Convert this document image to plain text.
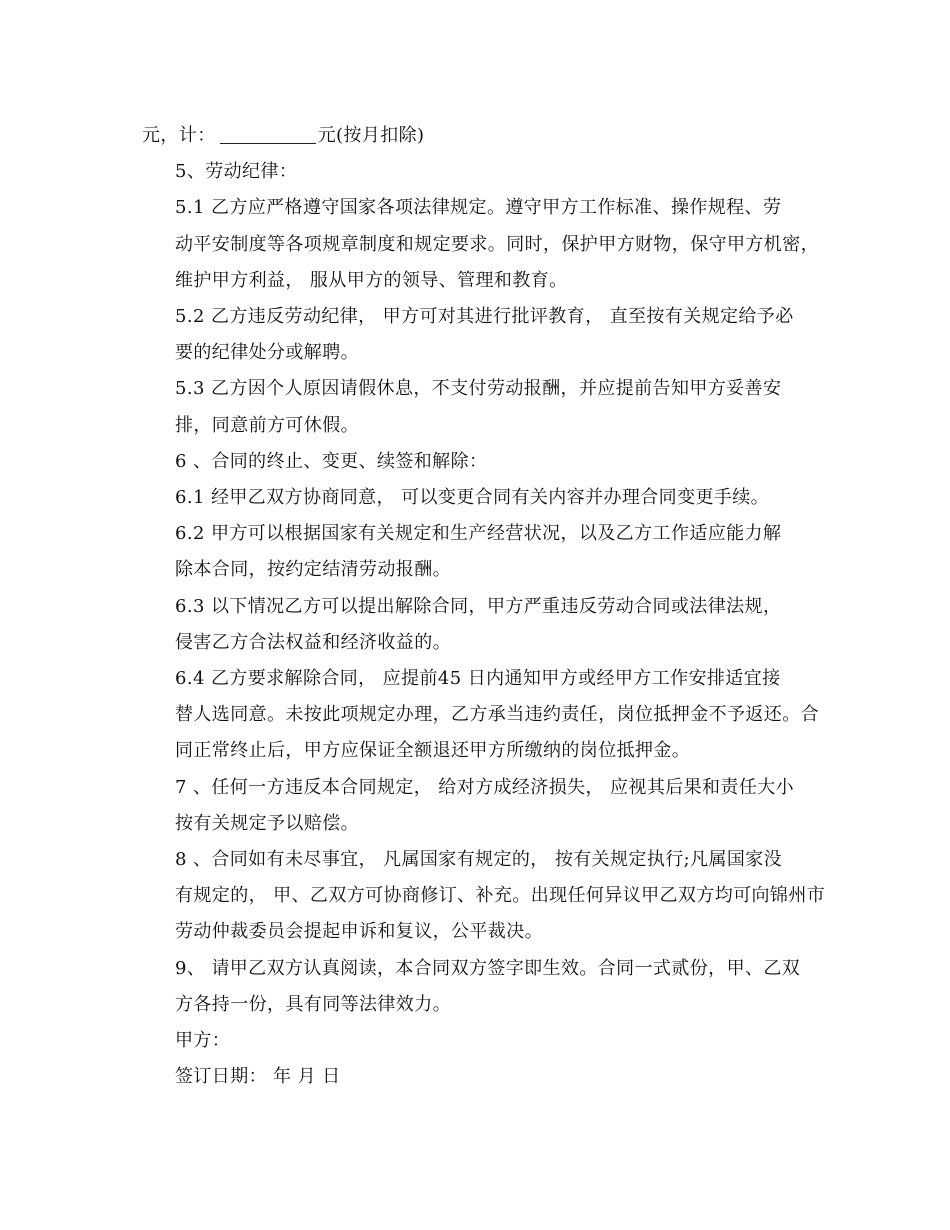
元，计：	元(按月扣除)

5、劳动纪律：

5.1 乙方应严格遵守国家各项法律规定。遵守甲方工作标准、操作规程、劳
动平安制度等各项规章制度和规定要求。同时，保护甲方财物，保守甲方机密，
维护甲方利益， 服从甲方的领导、管理和教育。

5.2 乙方违反劳动纪律， 甲方可对其进行批评教育， 直至按有关规定给予必
要的纪律处分或解聘。

5.3 乙方因个人原因请假休息，不支付劳动报酬，并应提前告知甲方妥善安
排，同意前方可休假。

6 、合同的终止、变更、续签和解除：

6.1 经甲乙双方协商同意， 可以变更合同有关内容并办理合同变更手续。

6.2 甲方可以根据国家有关规定和生产经营状况，以及乙方工作适应能力解
除本合同，按约定结清劳动报酬。

6.3 以下情况乙方可以提出解除合同，甲方严重违反劳动合同或法律法规，
侵害乙方合法权益和经济收益的。

6.4 乙方要求解除合同， 应提前45 日内通知甲方或经甲方工作安排适宜接
替人选同意。未按此项规定办理，乙方承当违约责任，岗位抵押金不予返还。合
同正常终止后，甲方应保证全额退还甲方所缴纳的岗位抵押金。

7 、任何一方违反本合同规定， 给对方成经济损失， 应视其后果和责任大小
按有关规定予以赔偿。

8 、合同如有未尽事宜， 凡属国家有规定的， 按有关规定执行;凡属国家没
有规定的， 甲、乙双方可协商修订、补充。出现任何异议甲乙双方均可向锦州市
劳动仲裁委员会提起申诉和复议，公平裁决。

9、 请甲乙双方认真阅读，本合同双方签字即生效。合同一式贰份，甲、乙双
方各持一份，具有同等法律效力。

甲方：

签订日期： 年 月 日
